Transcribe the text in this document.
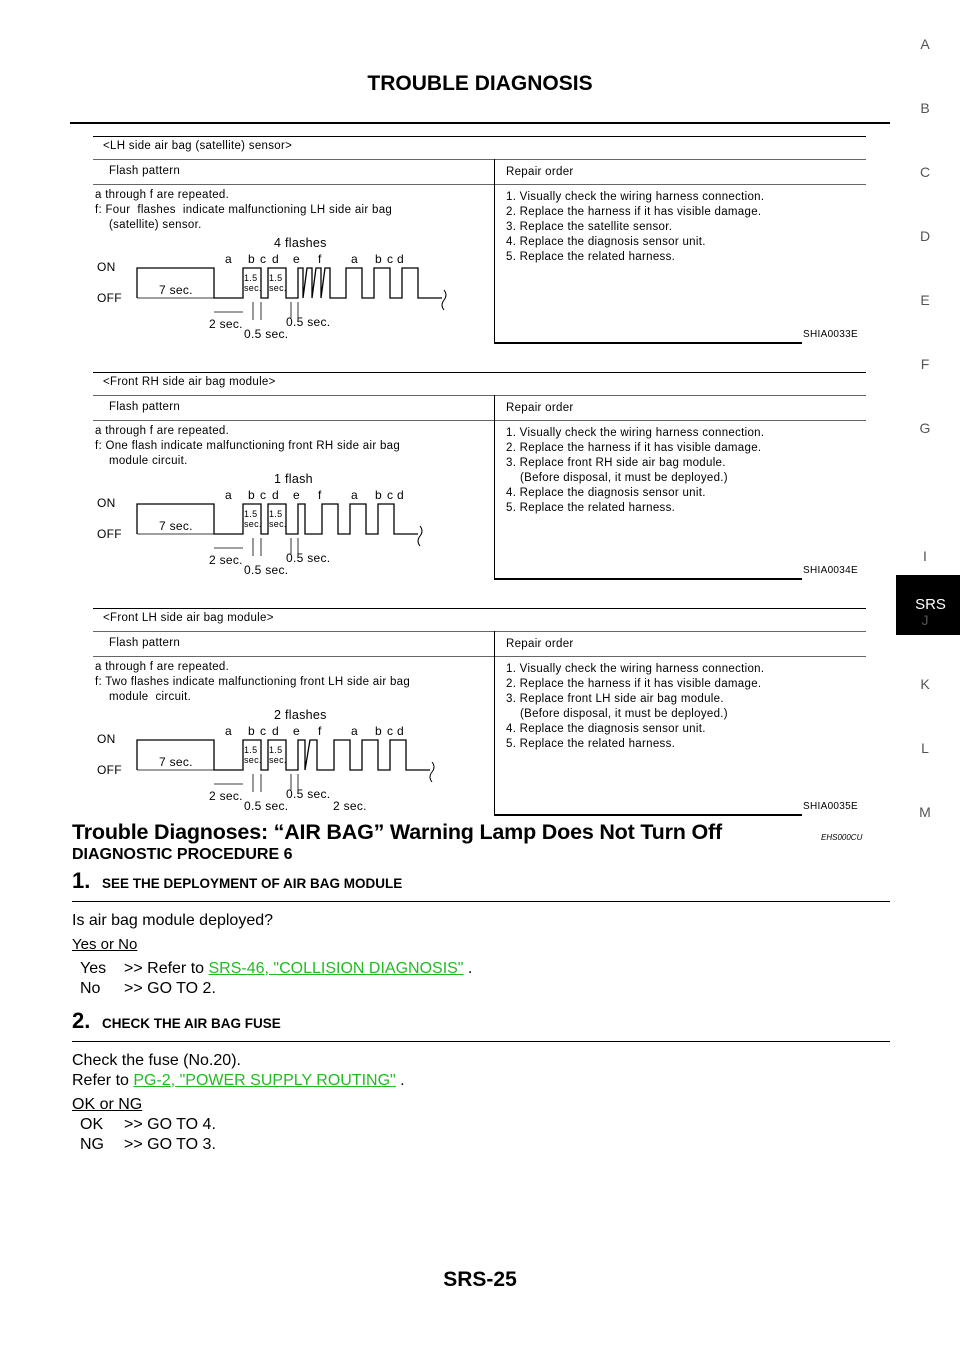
TROUBLE DIAGNOSIS
A
B
C
D
E
F
G
SRS
I
J
K
L
M
<LH side air bag (satellite) sensor>
Flash pattern	Repair order
a through f are repeated.
f: Four  flashes  indicate malfunctioning LH side air bag
(satellite) sensor.
1. Visually check the wiring harness connection.
2. Replace the harness if it has visible damage.
3. Replace the satellite sensor.
4. Replace the diagnosis sensor unit.
5. Replace the related harness.
SHIA0033E
4 flashes
ON
OFF
a b c d e f a b c d
7 sec.
1.5
sec.
1.5
sec.
2 sec.
0.5 sec.
0.5 sec.
<Front RH side air bag module>
Flash pattern	Repair order
a through f are repeated.
f: One flash indicate malfunctioning front RH side air bag
module circuit.
1. Visually check the wiring harness connection.
2. Replace the harness if it has visible damage.
3. Replace front RH side air bag module.
(Before disposal, it must be deployed.)
4. Replace the diagnosis sensor unit.
5. Replace the related harness.
SHIA0034E
1 flash
ON
OFF
a b c d e f a b c d
7 sec.
1.5
sec.
1.5
sec.
2 sec.
0.5 sec.
0.5 sec.
<Front LH side air bag module>
Flash pattern	Repair order
a through f are repeated.
f: Two flashes indicate malfunctioning front LH side air bag
module  circuit.
1. Visually check the wiring harness connection.
2. Replace the harness if it has visible damage.
3. Replace front LH side air bag module.
(Before disposal, it must be deployed.)
4. Replace the diagnosis sensor unit.
5. Replace the related harness.
SHIA0035E
2 flashes
ON
OFF
a b c d e f a b c d
7 sec.
1.5
sec.
1.5
sec.
2 sec.
0.5 sec.
0.5 sec.
2 sec.
Trouble Diagnoses: “AIR BAG” Warning Lamp Does Not Turn Off	EHS000CU
DIAGNOSTIC PROCEDURE 6
1. SEE THE DEPLOYMENT OF AIR BAG MODULE
Is air bag module deployed?
Yes or No
Yes >> Refer to SRS-46, "COLLISION DIAGNOSIS" .
No >> GO TO 2.
2. CHECK THE AIR BAG FUSE
Check the fuse (No.20).
Refer to PG-2, "POWER SUPPLY ROUTING" .
OK or NG
OK >> GO TO 4.
NG >> GO TO 3.
SRS-25
